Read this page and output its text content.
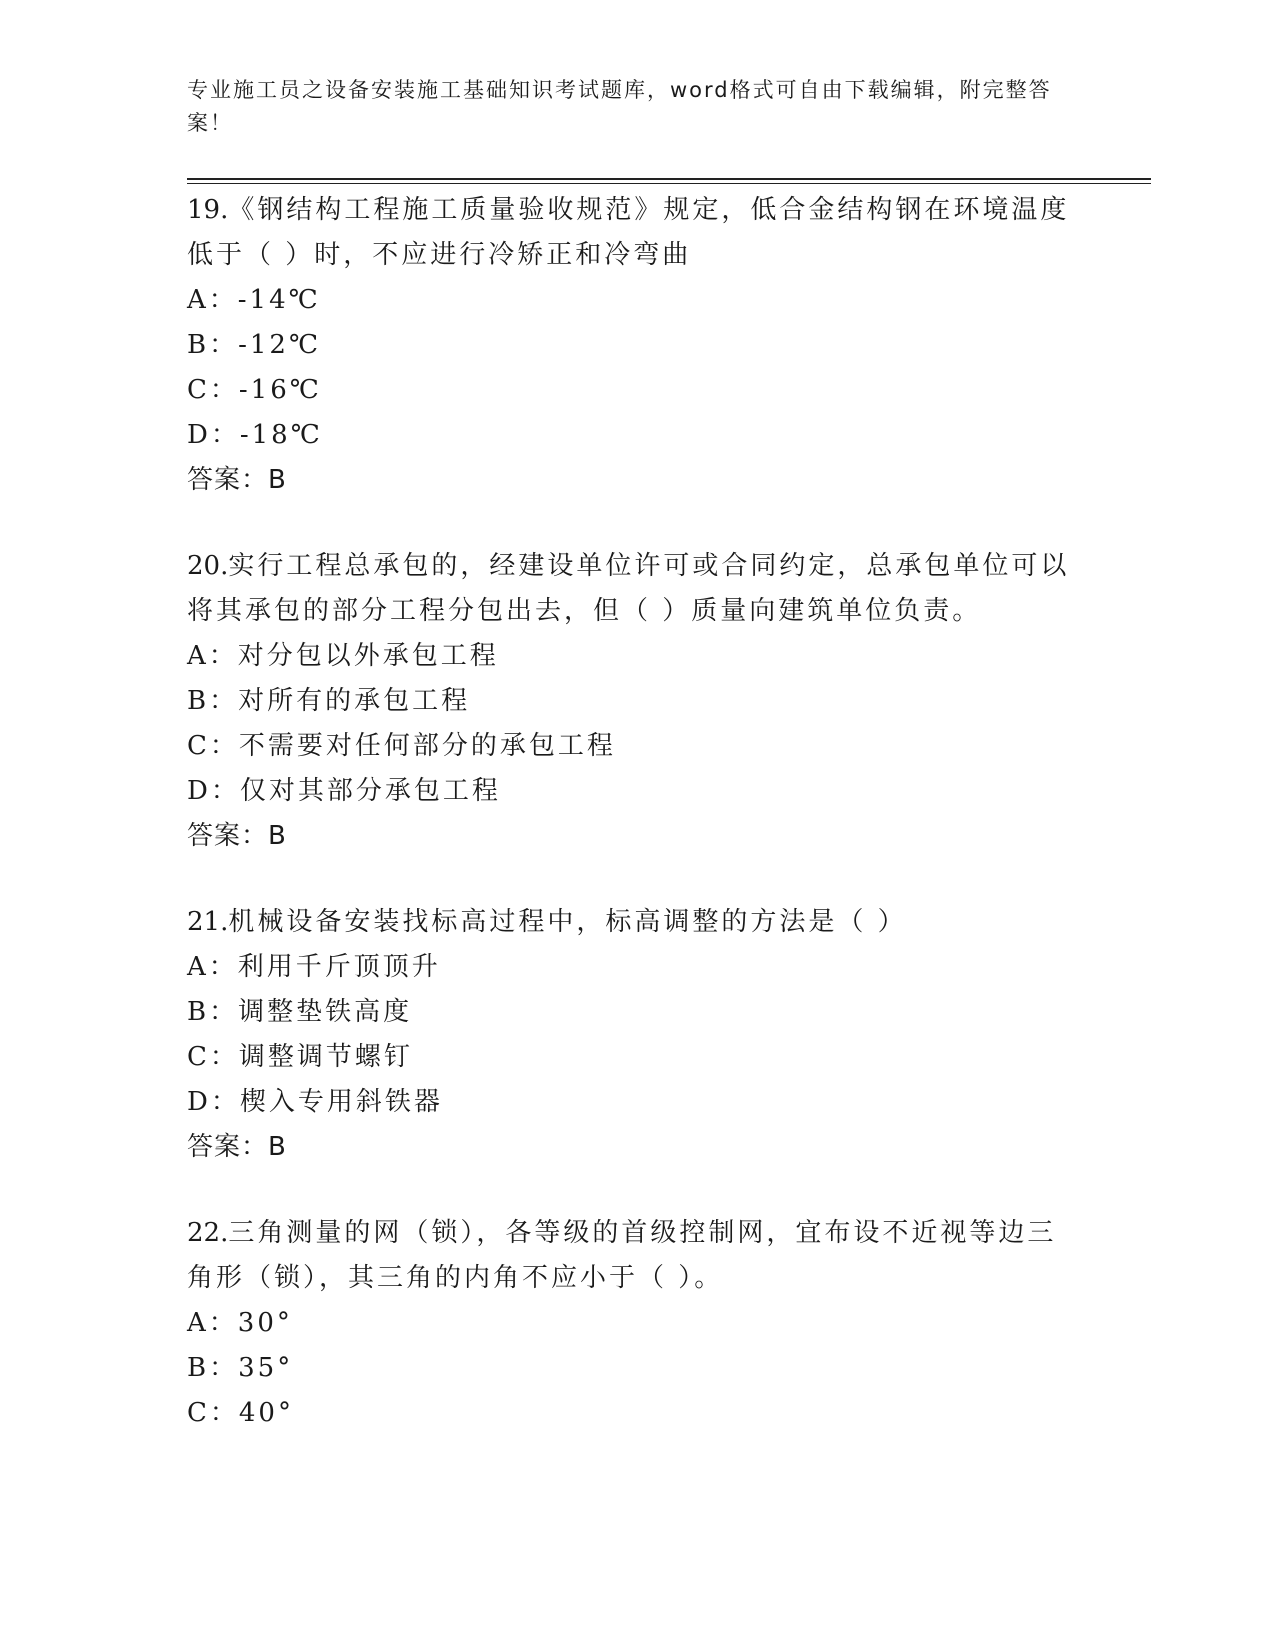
专业施工员之设备安装施工基础知识考试题库，word格式可自由下载编辑，附完整答案！
19.《钢结构工程施工质量验收规范》规定，低合金结构钢在环境温度低于（ ）时，不应进行冷矫正和冷弯曲
A：-14℃
B：-12℃
C：-16℃
D：-18℃
答案：B
20.实行工程总承包的，经建设单位许可或合同约定，总承包单位可以将其承包的部分工程分包出去，但（ ）质量向建筑单位负责。
A：对分包以外承包工程
B：对所有的承包工程
C：不需要对任何部分的承包工程
D：仅对其部分承包工程
答案：B
21.机械设备安装找标高过程中，标高调整的方法是（ ）
A：利用千斤顶顶升
B：调整垫铁高度
C：调整调节螺钉
D：楔入专用斜铁器
答案：B
22.三角测量的网（锁），各等级的首级控制网，宜布设不近视等边三角形（锁），其三角的内角不应小于（ ）。
A：30°
B：35°
C：40°
